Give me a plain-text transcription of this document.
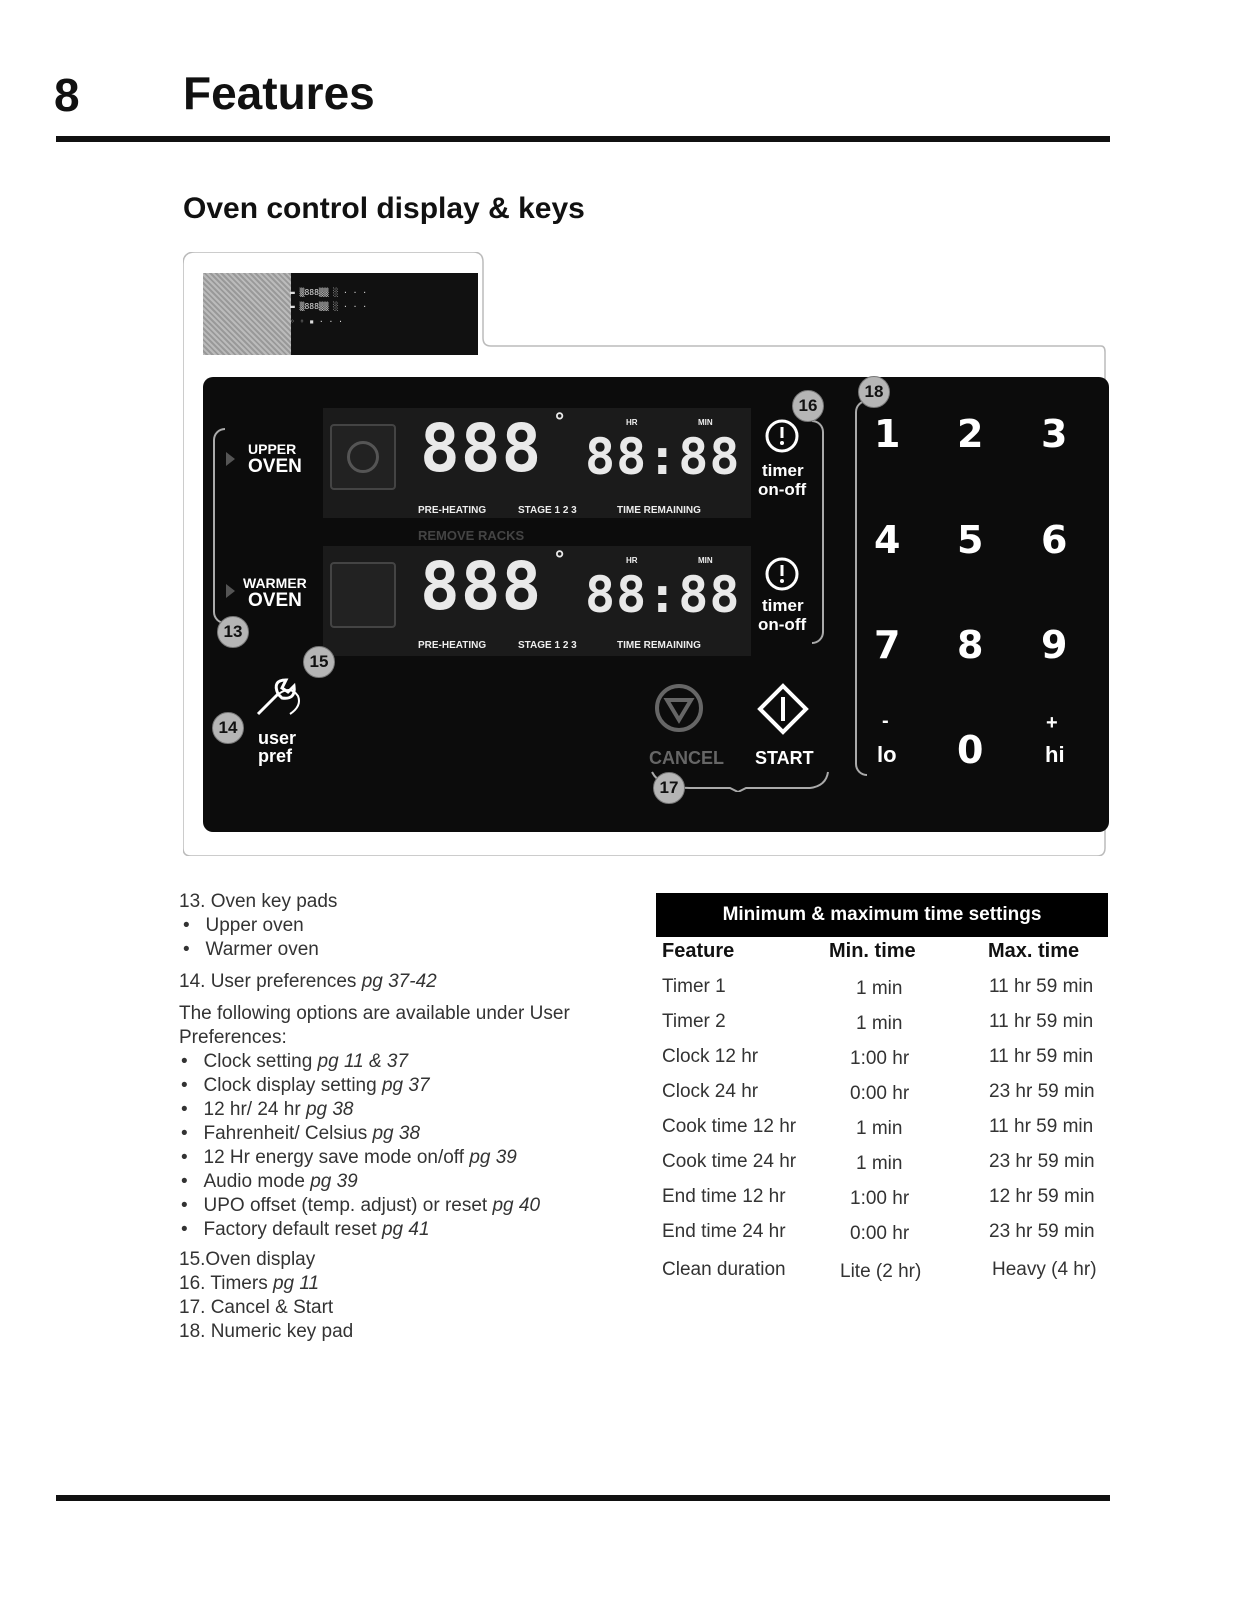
8 Features
Oven control display & keys
▬ ▒888▒▒ ░ · · ·
▬ ▒888▒▒ ░ · · ·
◦ ◦ ▪ · · ·
UPPER
OVEN
WARMER
OVEN
888 °	HR	MIN
88:88
PRE-HEATING	STAGE 1 2 3	TIME REMAINING
REMOVE RACKS
888 °	HR	MIN
88:88
PRE-HEATING	STAGE 1 2 3	TIME REMAINING
timer
on-off
timer
on-off
user
pref	CANCEL START
1 2 3
4 5 6
7 8 9
-
lo 0
+
hi
13
14
15
16
17
18
13. Oven key pads
•   Upper oven
•   Warmer oven
14. User preferences pg 37-42
The following options are available under User
Preferences:
•   Clock setting pg 11 & 37
•   Clock display setting pg 37
•   12 hr/ 24 hr pg 38
•   Fahrenheit/ Celsius pg 38
•   12 Hr energy save mode on/off pg 39
•   Audio mode pg 39
•   UPO offset (temp. adjust) or reset pg 40
•   Factory default reset pg 41
15.Oven display
16. Timers pg 11
17. Cancel & Start
18. Numeric key pad
Minimum & maximum time settings
Feature	Min. time	Max. time
Timer 1	1 min	11 hr 59 min
Timer 2	1 min	11 hr 59 min
Clock 12 hr	1:00 hr	11 hr 59 min
Clock 24 hr	0:00 hr	23 hr 59 min
Cook time 12 hr	1 min	11 hr 59 min
Cook time 24 hr	1 min	23 hr 59 min
End time 12 hr	1:00 hr	12 hr 59 min
End time 24 hr	0:00 hr	23 hr 59 min
Clean duration	Lite (2 hr)	Heavy (4 hr)
